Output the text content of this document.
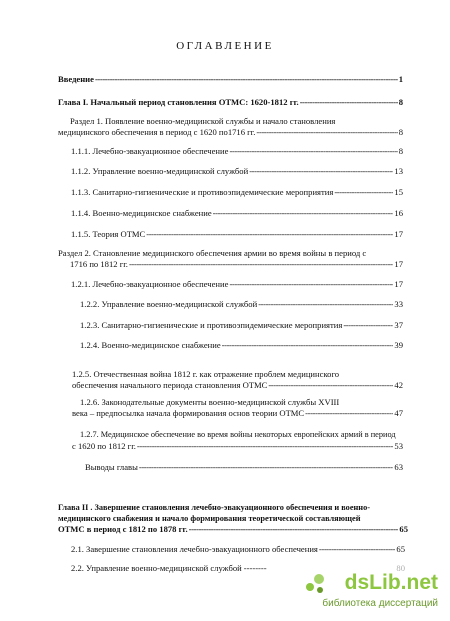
ОГЛАВЛЕНИЕ
Введение -----	1
Глава I. Начальный период становления ОТМС: 1620-1812 гг. -----	8
Раздел 1. Появление военно-медицинской службы и начало становления
медицинского обеспечения в период с 1620 по1716 гг. -----	8
1.1.1. Лечебно-эвакуационное обеспечение -----	8
1.1.2. Управление военно-медицинской службой -----	13
1.1.3. Санитарно-гигиенические и противоэпидемические мероприятия -----	15
1.1.4. Военно-медицинское снабжение -----	16
1.1.5. Теория ОТМС -----	17
Раздел 2. Становление медицинского обеспечения армии во время войны в период с
1716 по 1812 гг. -----	17
1.2.1. Лечебно-эвакуационное обеспечение -----	17
1.2.2. Управление военно-медицинской службой -----	33
1.2.3. Санитарно-гигиенические и противоэпидемические мероприятия -----	37
1.2.4. Военно-медицинское снабжение -----	39
1.2.5. Отечественная война 1812 г. как отражение проблем медицинского
обеспечения начального периода становления ОТМС -----	42
1.2.6. Законодательные документы военно-медицинской службы XVIII
века – предпосылка начала формирования основ теории ОТМС -----	47
1.2.7. Медицинское обеспечение во время войны некоторых европейских армий в период
с 1620 по 1812 гг. -----	53
Выводы главы -----	63
Глава II . Завершение становления лечебно-эвакуационного обеспечения и военно-
медицинского снабжения и начало формирования теоретической составляющей
ОТМС в период с 1812 по 1878 гг. -----	65
2.1. Завершение становления лечебно-эвакуационного обеспечения -----	65
2.2. Управление военно-медицинской службой --------	80
dsLib.net
библиотека диссертаций
